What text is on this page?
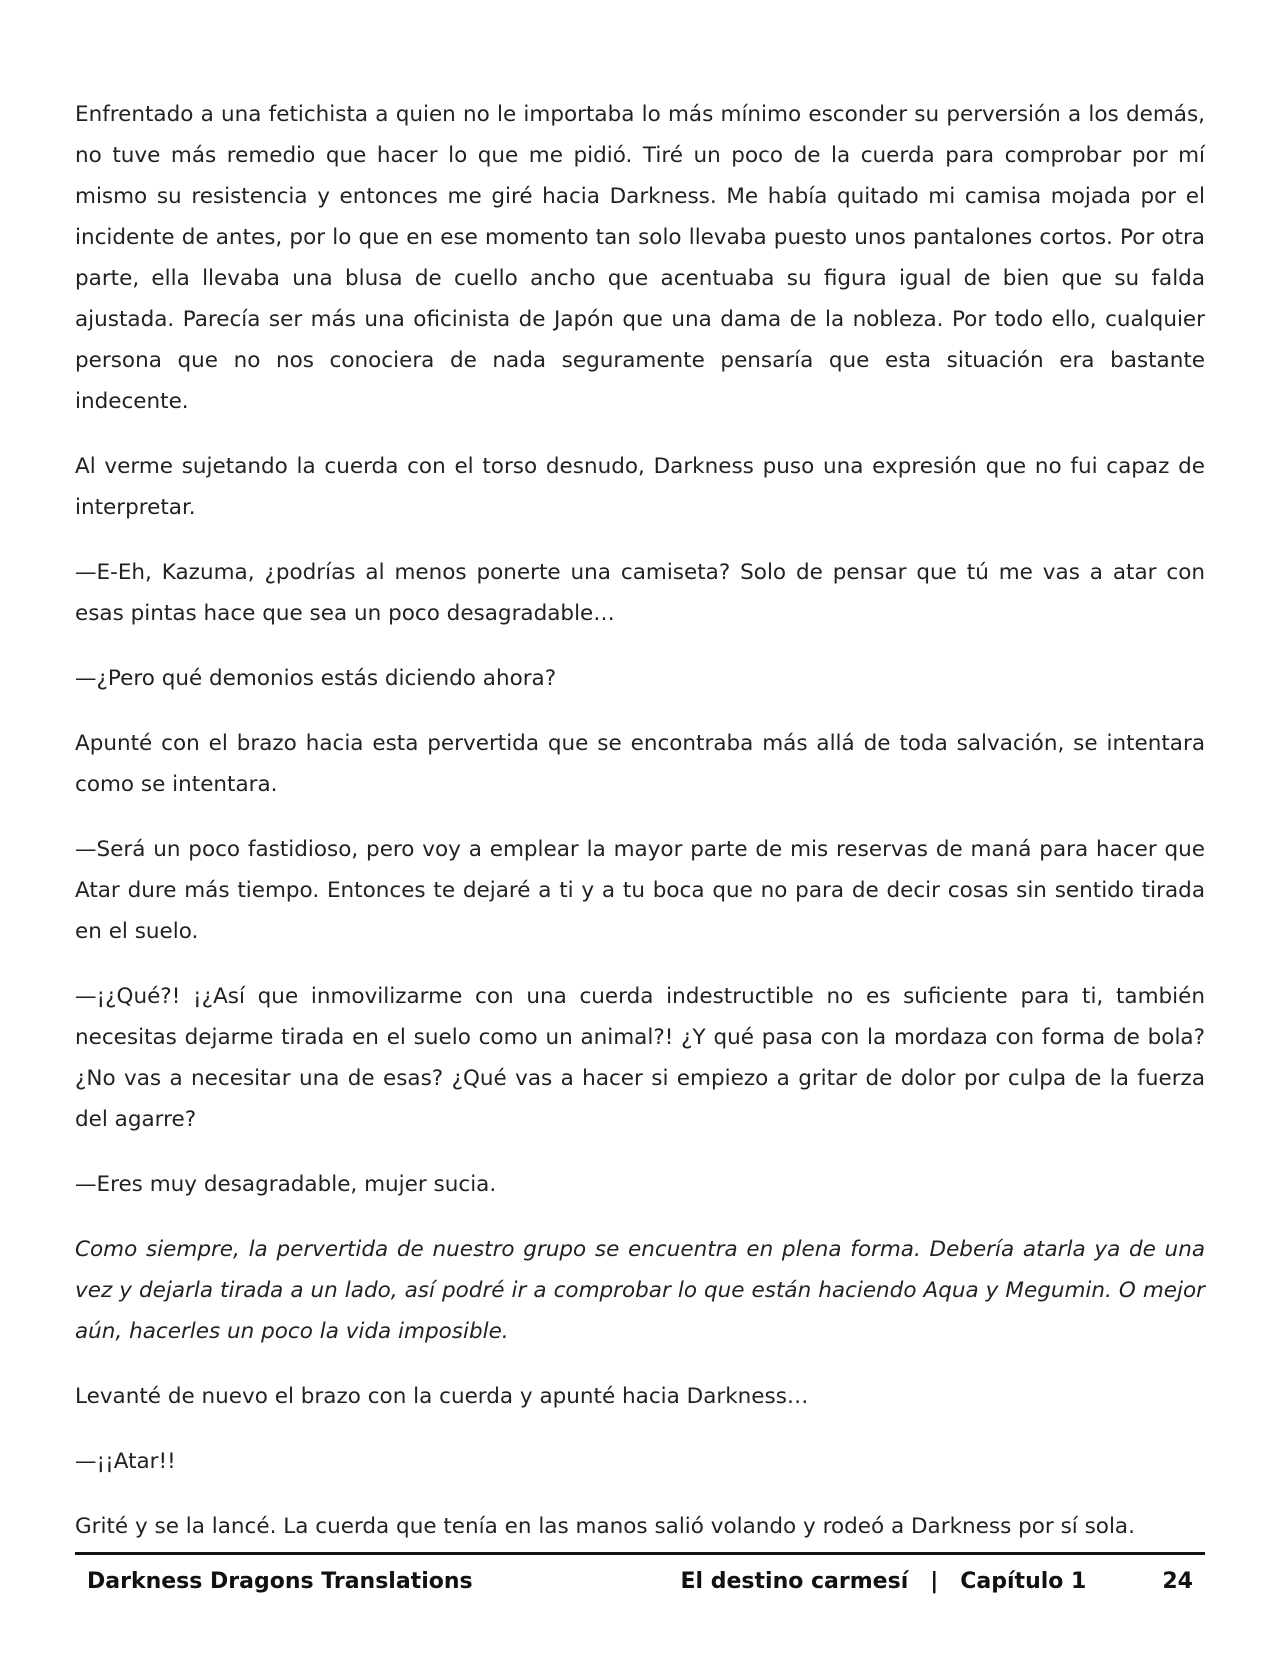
Enfrentado a una fetichista a quien no le importaba lo más mínimo esconder su perversión a los demás, no tuve más remedio que hacer lo que me pidió. Tiré un poco de la cuerda para comprobar por mí mismo su resistencia y entonces me giré hacia Darkness. Me había quitado mi camisa mojada por el incidente de antes, por lo que en ese momento tan solo llevaba puesto unos pantalones cortos. Por otra parte, ella llevaba una blusa de cuello ancho que acentuaba su figura igual de bien que su falda ajustada. Parecía ser más una oficinista de Japón que una dama de la nobleza. Por todo ello, cualquier persona que no nos conociera de nada seguramente pensaría que esta situación era bastante indecente.

Al verme sujetando la cuerda con el torso desnudo, Darkness puso una expresión que no fui capaz de interpretar.

—E-Eh, Kazuma, ¿podrías al menos ponerte una camiseta? Solo de pensar que tú me vas a atar con esas pintas hace que sea un poco desagradable…

—¿Pero qué demonios estás diciendo ahora?

Apunté con el brazo hacia esta pervertida que se encontraba más allá de toda salvación, se intentara como se intentara.

—Será un poco fastidioso, pero voy a emplear la mayor parte de mis reservas de maná para hacer que Atar dure más tiempo. Entonces te dejaré a ti y a tu boca que no para de decir cosas sin sentido tirada en el suelo.

—¡¿Qué?! ¡¿Así que inmovilizarme con una cuerda indestructible no es suficiente para ti, también necesitas dejarme tirada en el suelo como un animal?! ¿Y qué pasa con la mordaza con forma de bola? ¿No vas a necesitar una de esas? ¿Qué vas a hacer si empiezo a gritar de dolor por culpa de la fuerza del agarre?

—Eres muy desagradable, mujer sucia.

Como siempre, la pervertida de nuestro grupo se encuentra en plena forma. Debería atarla ya de una vez y dejarla tirada a un lado, así podré ir a comprobar lo que están haciendo Aqua y Megumin. O mejor aún, hacerles un poco la vida imposible.

Levanté de nuevo el brazo con la cuerda y apunté hacia Darkness…

—¡¡Atar!!

Grité y se la lancé. La cuerda que tenía en las manos salió volando y rodeó a Darkness por sí sola.

Darkness Dragons Translations	El destino carmesí | Capítulo 1	24
